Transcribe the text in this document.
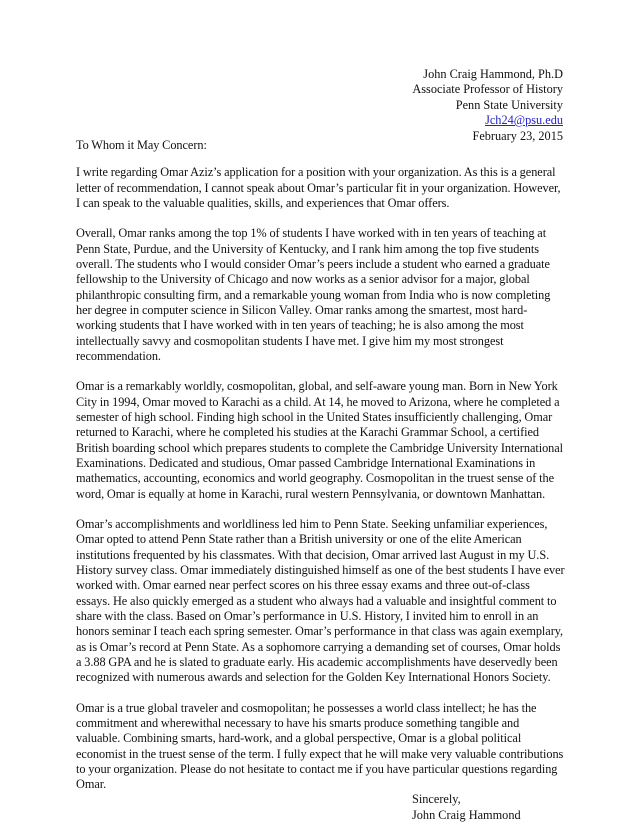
John Craig Hammond, Ph.D
Associate Professor of History
Penn State University
Jch24@psu.edu
February 23, 2015

To Whom it May Concern:

I write regarding Omar Aziz’s application for a position with your organization. As this is a general letter of recommendation, I cannot speak about Omar’s particular fit in your organization. However, I can speak to the valuable qualities, skills, and experiences that Omar offers.

Overall, Omar ranks among the top 1% of students I have worked with in ten years of teaching at Penn State, Purdue, and the University of Kentucky, and I rank him among the top five students overall. The students who I would consider Omar’s peers include a student who earned a graduate fellowship to the University of Chicago and now works as a senior advisor for a major, global philanthropic consulting firm, and a remarkable young woman from India who is now completing her degree in computer science in Silicon Valley. Omar ranks among the smartest, most hard-working students that I have worked with in ten years of teaching; he is also among the most intellectually savvy and cosmopolitan students I have met. I give him my most strongest recommendation.

Omar is a remarkably worldly, cosmopolitan, global, and self-aware young man. Born in New York City in 1994, Omar moved to Karachi as a child. At 14, he moved to Arizona, where he completed a semester of high school. Finding high school in the United States insufficiently challenging, Omar returned to Karachi, where he completed his studies at the Karachi Grammar School, a certified British boarding school which prepares students to complete the Cambridge University International Examinations. Dedicated and studious, Omar passed Cambridge International Examinations in mathematics, accounting, economics and world geography. Cosmopolitan in the truest sense of the word, Omar is equally at home in Karachi, rural western Pennsylvania, or downtown Manhattan.

Omar’s accomplishments and worldliness led him to Penn State. Seeking unfamiliar experiences, Omar opted to attend Penn State rather than a British university or one of the elite American institutions frequented by his classmates. With that decision, Omar arrived last August in my U.S. History survey class. Omar immediately distinguished himself as one of the best students I have ever worked with. Omar earned near perfect scores on his three essay exams and three out-of-class essays. He also quickly emerged as a student who always had a valuable and insightful comment to share with the class. Based on Omar’s performance in U.S. History, I invited him to enroll in an honors seminar I teach each spring semester. Omar’s performance in that class was again exemplary, as is Omar’s record at Penn State. As a sophomore carrying a demanding set of courses, Omar holds a 3.88 GPA and he is slated to graduate early. His academic accomplishments have deservedly been recognized with numerous awards and selection for the Golden Key International Honors Society.

Omar is a true global traveler and cosmopolitan; he possesses a world class intellect; he has the commitment and wherewithal necessary to have his smarts produce something tangible and valuable. Combining smarts, hard-work, and a global perspective, Omar is a global political economist in the truest sense of the term. I fully expect that he will make very valuable contributions to your organization. Please do not hesitate to contact me if you have particular questions regarding Omar.

Sincerely,
John Craig Hammond
